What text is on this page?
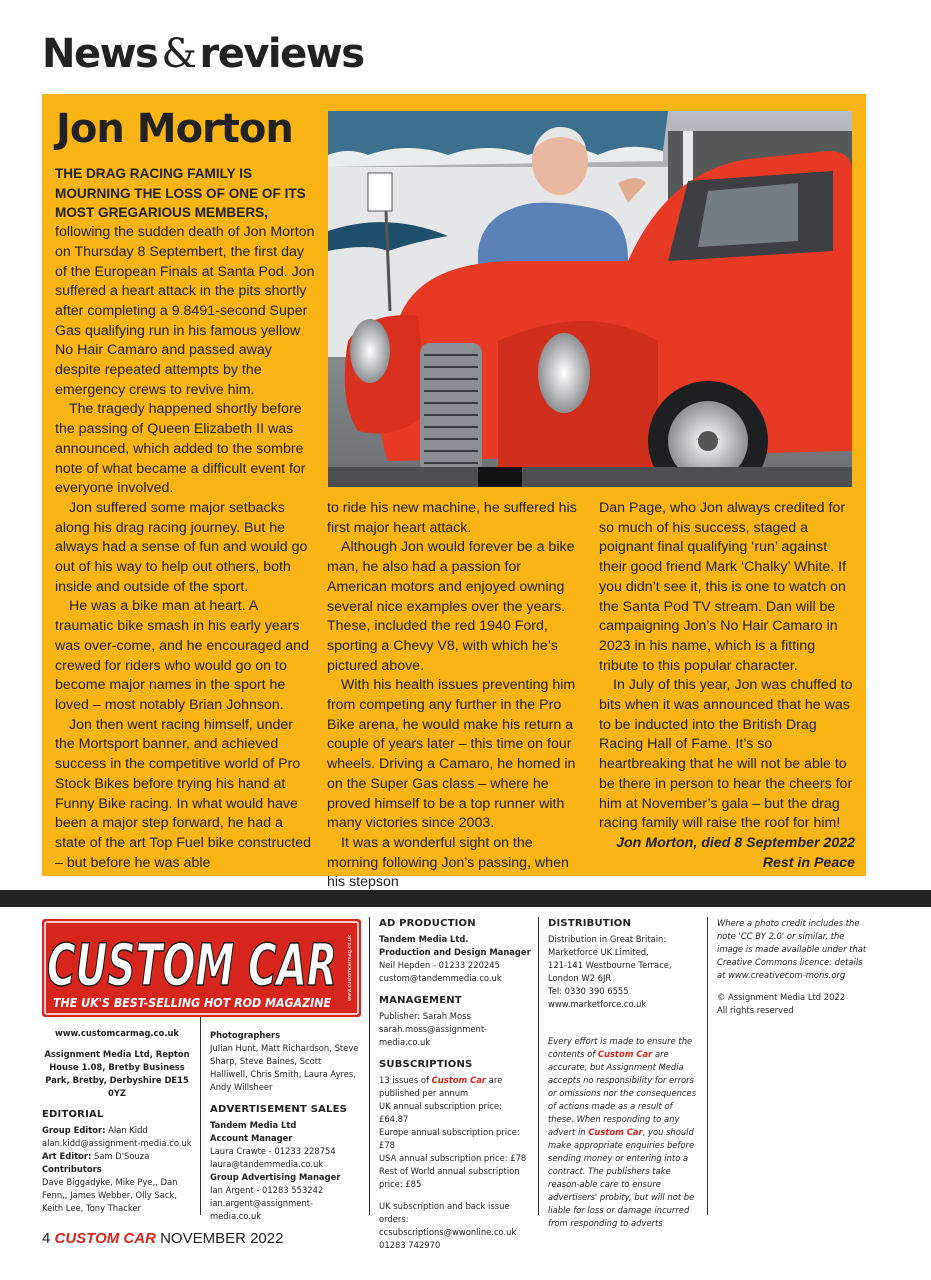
News & reviews
Jon Morton
THE DRAG RACING FAMILY IS MOURNING THE LOSS OF ONE OF ITS MOST GREGARIOUS MEMBERS,

following the sudden death of Jon Morton on Thursday 8 Septembert, the first day of the European Finals at Santa Pod. Jon suffered a heart attack in the pits shortly after completing a 9.8491-second Super Gas qualifying run in his famous yellow No Hair Camaro and passed away despite repeated attempts by the emergency crews to revive him.

The tragedy happened shortly before the passing of Queen Elizabeth II was announced, which added to the sombre note of what became a difficult event for everyone involved.

Jon suffered some major setbacks along his drag racing journey. But he always had a sense of fun and would go out of his way to help out others, both inside and outside of the sport.

He was a bike man at heart. A traumatic bike smash in his early years was over-come, and he encouraged and crewed for riders who would go on to become major names in the sport he loved – most notably Brian Johnson.

Jon then went racing himself, under the Mortsport banner, and achieved success in the competitive world of Pro Stock Bikes before trying his hand at Funny Bike racing. In what would have been a major step forward, he had a state of the art Top Fuel bike constructed – but before he was able

to ride his new machine, he suffered his first major heart attack.

Although Jon would forever be a bike man, he also had a passion for American motors and enjoyed owning several nice examples over the years. These, included the red 1940 Ford, sporting a Chevy V8, with which he’s pictured above.

With his health issues preventing him from competing any further in the Pro Bike arena, he would make his return a couple of years later – this time on four wheels. Driving a Camaro, he homed in on the Super Gas class – where he proved himself to be a top runner with many victories since 2003.

It was a wonderful sight on the morning following Jon’s passing, when his stepson

Dan Page, who Jon always credited for so much of his success, staged a poignant final qualifying ‘run’ against their good friend Mark ‘Chalky’ White. If you didn’t see it, this is one to watch on the Santa Pod TV stream. Dan will be campaigning Jon’s No Hair Camaro in 2023 in his name, which is a fitting tribute to this popular character.

In July of this year, Jon was chuffed to bits when it was announced that he was to be inducted into the British Drag Racing Hall of Fame. It’s so heartbreaking that he will not be able to be there in person to hear the cheers for him at November’s gala – but the drag racing family will raise the roof for him!

Jon Morton, died 8 September 2022

Rest in Peace

CUSTOM CAR
THE UK'S BEST-SELLING HOT ROD MAGAZINE
www.customcarmag.co.uk
www.customcarmag.co.uk
Assignment Media Ltd, Repton House 1.08, Bretby Business Park, Bretby, Derbyshire DE15 0YZ
EDITORIAL
Group Editor: Alan Kidd
alan.kidd@assignment-media.co.uk
Art Editor: Sam D'Souza
Contributors
Dave Biggadyke, Mike Pye,, Dan Fenn,, James Webber, Olly Sack, Keith Lee, Tony Thacker
Photographers
Julian Hunt, Matt Richardson, Steve Sharp, Steve Baines, Scott Halliwell, Chris Smith, Laura Ayres, Andy Willsheer
ADVERTISEMENT SALES
Tandem Media Ltd
Account Manager
Laura Crawte - 01233 228754
laura@tandemmedia.co.uk
Group Advertising Manager
Ian Argent - 01283 553242
ian.argent@assignment-media.co.uk
AD PRODUCTION
Tandem Media Ltd.
Production and Design Manager
Neil Hepden - 01233 220245
custom@tandemmedia.co.uk
MANAGEMENT
Publisher: Sarah Moss
sarah.moss@assignment-media.co.uk
SUBSCRIPTIONS
13 issues of Custom Car are published per annum
UK annual subscription price: £64.87
Europe annual subscription price: £78
USA annual subscription price: £78
Rest of World annual subscription price: £85
UK subscription and back issue orders: ccsubscriptions@wwonline.co.uk
01283 742970
DISTRIBUTION
Distribution in Great Britain:
Marketforce UK Limited,
121-141 Westbourne Terrace,
London W2 6JR
Tel: 0330 390 6555
www.marketforce.co.uk
Every effort is made to ensure the contents of Custom Car are accurate, but Assignment Media accepts no responsibility for errors or omissions nor the consequences of actions made as a result of these. When responding to any advert in Custom Car, you should make appropriate enquiries before sending money or entering into a contract. The publishers take reason-able care to ensure advertisers' probity, but will not be liable for loss or damage incurred from responding to adverts
Where a photo credit includes the note 'CC BY 2.0' or similar, the image is made available under that Creative Commons licence: details at www.creativecom-mons.org
© Assignment Media Ltd 2022
All rights reserved
4 CUSTOM CAR NOVEMBER 2022
